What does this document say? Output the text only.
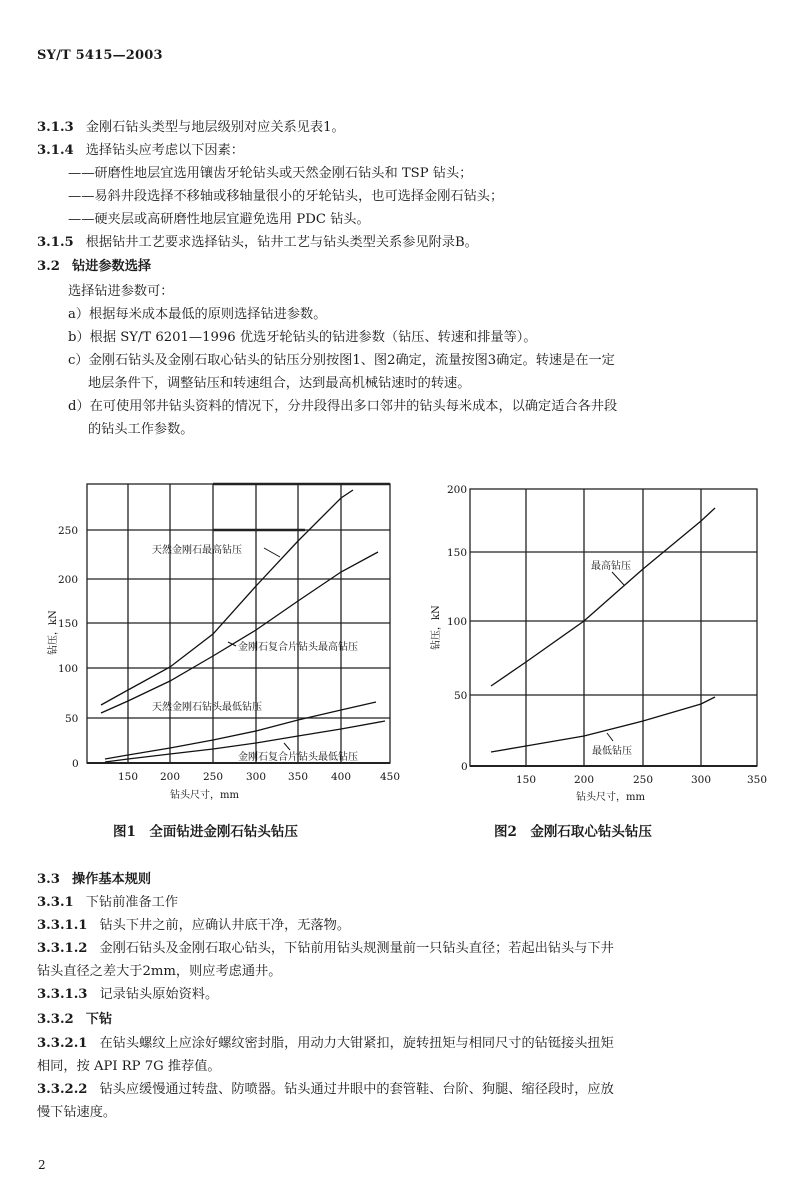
SY/T 5415—2003
3.1.3 金刚石钻头类型与地层级别对应关系见表1。
3.1.4 选择钻头应考虑以下因素：
——研磨性地层宜选用镶齿牙轮钻头或天然金刚石钻头和 TSP 钻头；
——易斜井段选择不移轴或移轴量很小的牙轮钻头，也可选择金刚石钻头；
——硬夹层或高研磨性地层宜避免选用 PDC 钻头。
3.1.5 根据钻井工艺要求选择钻头，钻井工艺与钻头类型关系参见附录B。
3.2 钻进参数选择
选择钻进参数可：
a）根据每米成本最低的原则选择钻进参数。
b）根据 SY/T 6201—1996 优选牙轮钻头的钻进参数（钻压、转速和排量等）。
c）金刚石钻头及金刚石取心钻头的钻压分别按图1、图2确定，流量按图3确定。转速是在一定
地层条件下，调整钻压和转速组合，达到最高机械钻速时的转速。
d）在可使用邻井钻头资料的情况下，分井段得出多口邻井的钻头每米成本，以确定适合各井段
的钻头工作参数。
250
200
150
100
50
0
150 200 250 300 350 400	450
钻头尺寸，mm
钻压，kN
天然金刚石最高钻压
金刚石复合片钻头最高钻压
天然金刚石钻头最低钻压
金刚石复合片钻头最低钻压
200
150
100
50
0
150	200	250	300	350
钻头尺寸，mm
钻压，kN
最高钻压
最低钻压
图1　全面钻进金刚石钻头钻压	图2　金刚石取心钻头钻压
3.3 操作基本规则
3.3.1 下钻前准备工作
3.3.1.1 钻头下井之前，应确认井底干净，无落物。
3.3.1.2 金刚石钻头及金刚石取心钻头，下钻前用钻头规测量前一只钻头直径；若起出钻头与下井
钻头直径之差大于2mm，则应考虑通井。
3.3.1.3 记录钻头原始资料。
3.3.2 下钻
3.3.2.1 在钻头螺纹上应涂好螺纹密封脂，用动力大钳紧扣，旋转扭矩与相同尺寸的钻铤接头扭矩
相同，按 API RP 7G 推荐值。
3.3.2.2 钻头应缓慢通过转盘、防喷器。钻头通过井眼中的套管鞋、台阶、狗腿、缩径段时，应放
慢下钻速度。
2
